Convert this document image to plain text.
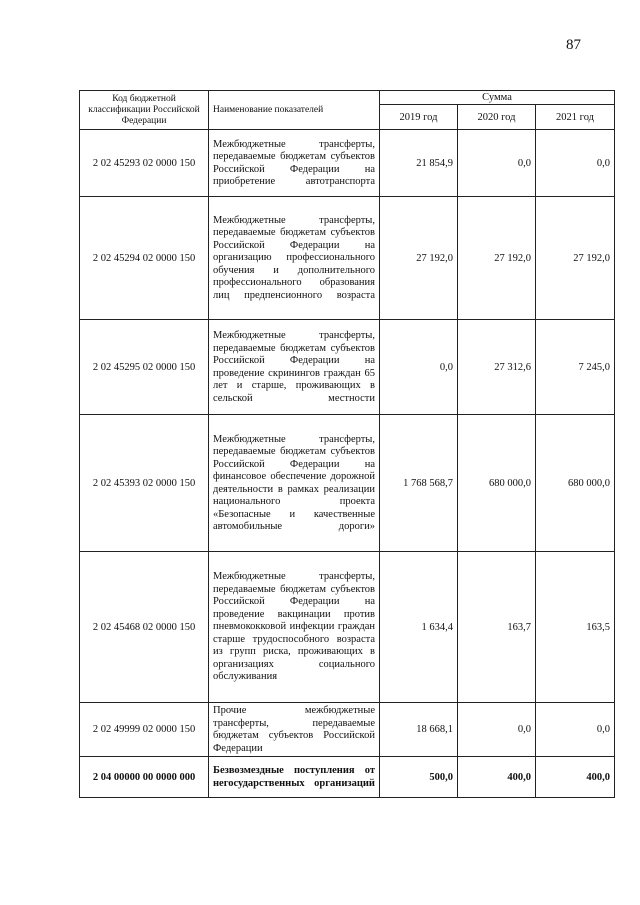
87
Код бюджетной классификации Российской Федерации	Наименование показателей	Сумма		
		2019 год	2020 год	2021 год
2 02 45293 02 0000 150	Межбюджетные трансферты, передаваемые бюджетам субъектов Российской Федерации на приобретение автотранспорта	21 854,9	0,0	0,0
2 02 45294 02 0000 150	Межбюджетные трансферты, передаваемые бюджетам субъектов Российской Федерации на организацию профессионального обучения и дополнительного профессионального образования лиц предпенсионного возраста	27 192,0	27 192,0	27 192,0
2 02 45295 02 0000 150	Межбюджетные трансферты, передаваемые бюджетам субъектов Российской Федерации на проведение скринингов граждан 65 лет и старше, проживающих в сельской местности	0,0	27 312,6	7 245,0
2 02 45393 02 0000 150	Межбюджетные трансферты, передаваемые бюджетам субъектов Российской Федерации на финансовое обеспечение дорожной деятельности в рамках реализации национального проекта «Безопасные и качественные автомобильные дороги»	1 768 568,7	680 000,0	680 000,0
2 02 45468 02 0000 150	Межбюджетные трансферты, передаваемые бюджетам субъектов Российской Федерации на проведение вакцинации против пневмококковой инфекции граждан старше трудоспособного возраста из групп риска, проживающих в организациях социального обслуживания	1 634,4	163,7	163,5
2 02 49999 02 0000 150	Прочие межбюджетные трансферты, передаваемые бюджетам субъектов Российской Федерации	18 668,1	0,0	0,0
2 04 00000 00 0000 000	Безвозмездные поступления от негосударственных организаций	500,0	400,0	400,0
